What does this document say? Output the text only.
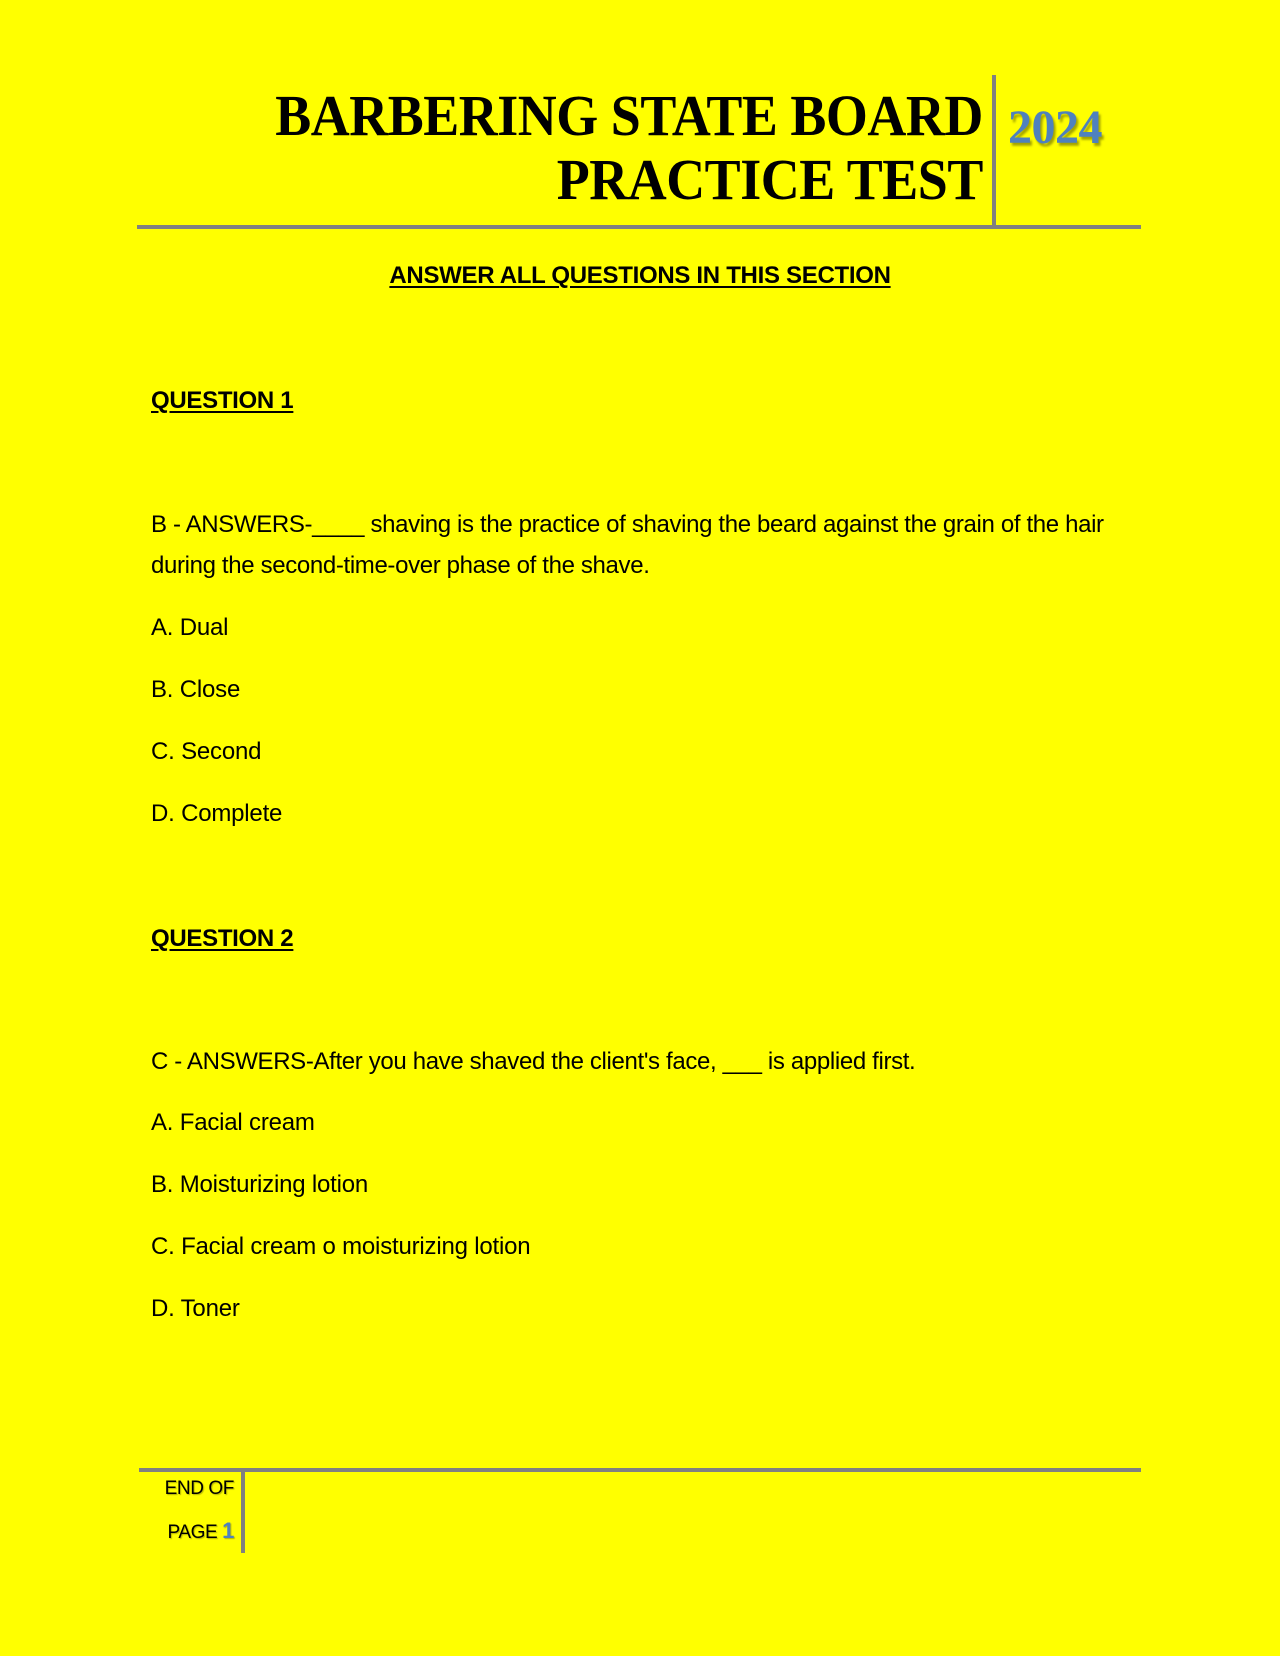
BARBERING STATE BOARD
PRACTICE TEST
2024
ANSWER ALL QUESTIONS IN THIS SECTION
QUESTION 1
B - ANSWERS-____ shaving is the practice of shaving the beard against the grain of the hair during the second-time-over phase of the shave.
A. Dual
B. Close
C. Second
D. Complete
QUESTION 2
C - ANSWERS-After you have shaved the client's face, ___ is applied first.
A. Facial cream
B. Moisturizing lotion
C. Facial cream o moisturizing lotion
D. Toner
END OF
PAGE 1
